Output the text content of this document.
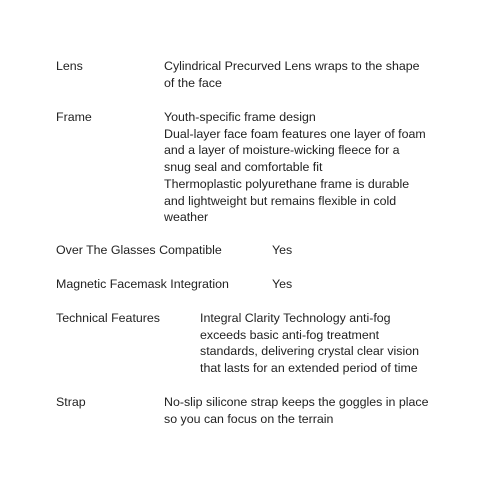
Lens	Cylindrical Precurved Lens wraps to the shape
of the face
Frame	Youth-specific frame design
Dual-layer face foam features one layer of foam
and a layer of moisture-wicking fleece for a
snug seal and comfortable fit
Thermoplastic polyurethane frame is durable
and lightweight but remains flexible in cold
weather
Over The Glasses Compatible	Yes
Magnetic Facemask Integration	Yes
Technical Features	Integral Clarity Technology anti-fog
exceeds basic anti-fog treatment
standards, delivering crystal clear vision
that lasts for an extended period of time
Strap	No-slip silicone strap keeps the goggles in place
so you can focus on the terrain
